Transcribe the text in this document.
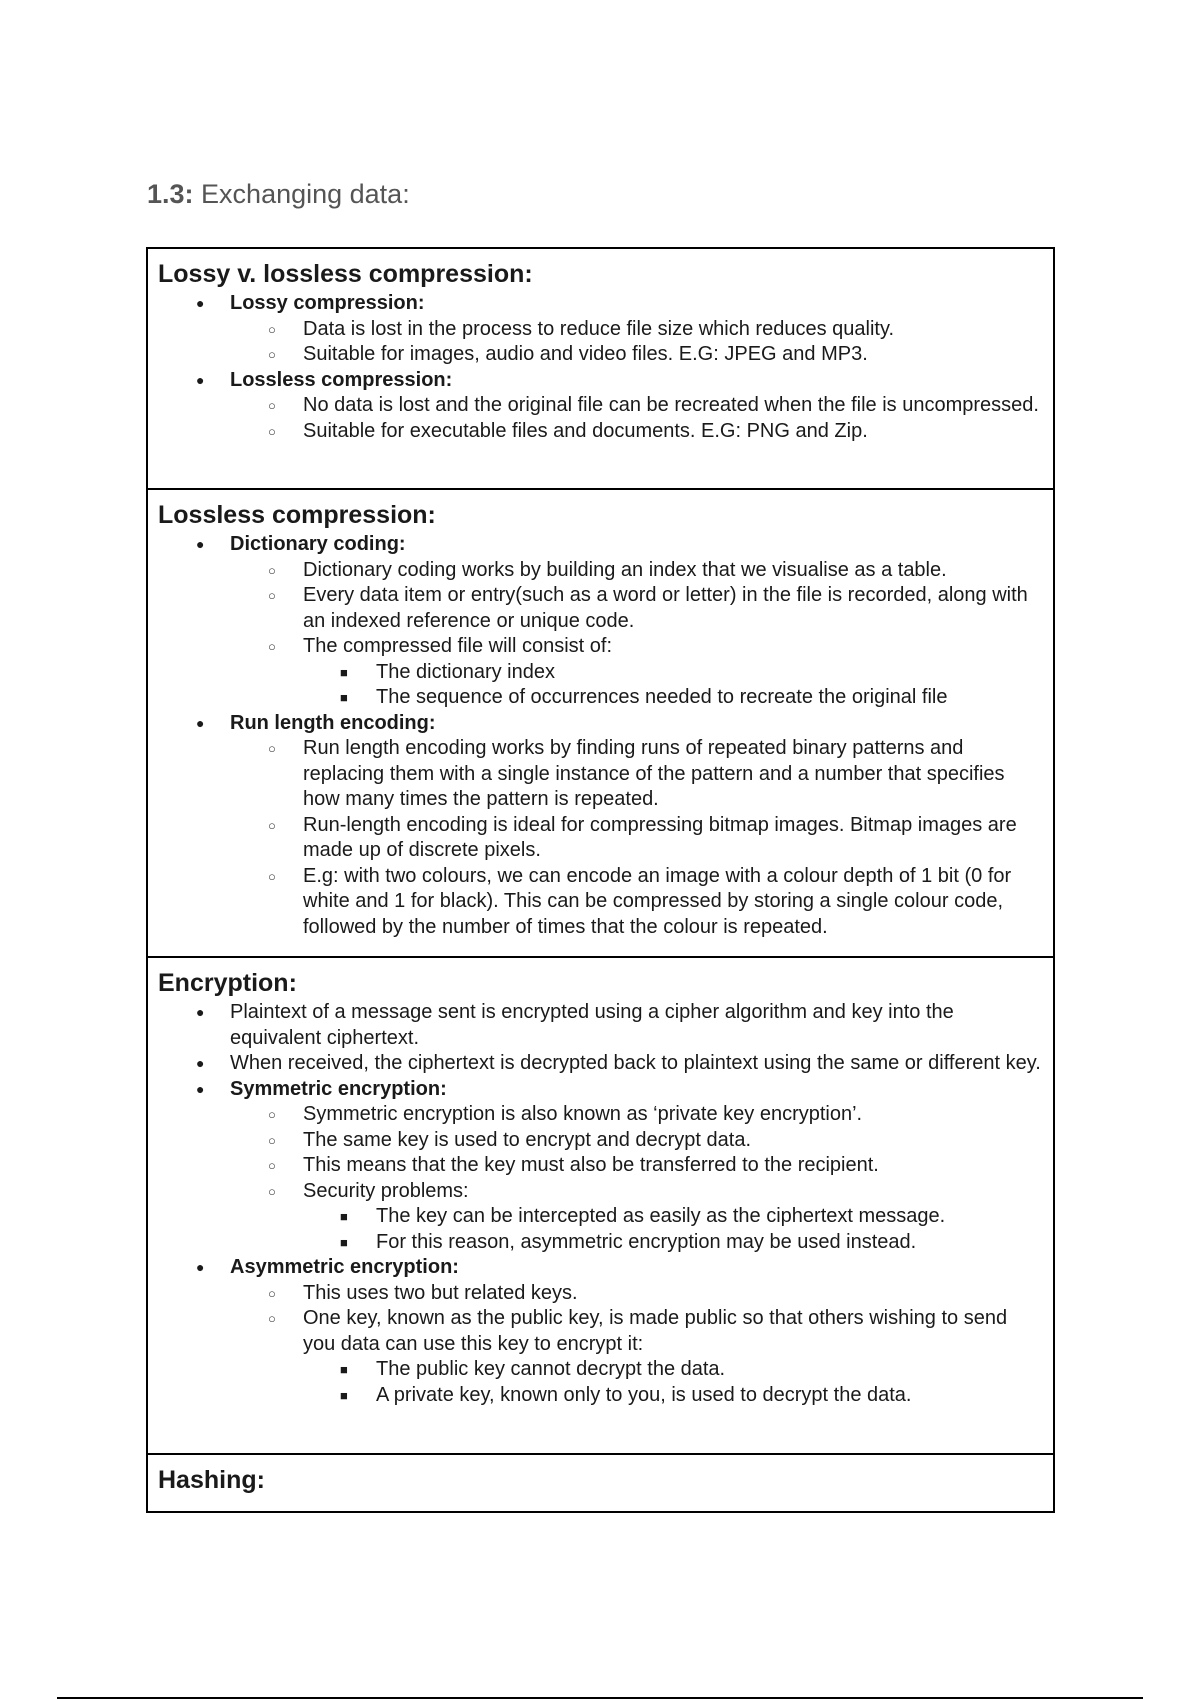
1.3: Exchanging data:
Lossy v. lossless compression:
● Lossy compression:
○ Data is lost in the process to reduce file size which reduces quality.
○ Suitable for images, audio and video files. E.G: JPEG and MP3.
● Lossless compression:
○ No data is lost and the original file can be recreated when the file is uncompressed.
○ Suitable for executable files and documents. E.G: PNG and Zip.
Lossless compression:
● Dictionary coding:
○ Dictionary coding works by building an index that we visualise as a table.
○ Every data item or entry(such as a word or letter) in the file is recorded, along with an indexed reference or unique code.
○ The compressed file will consist of:
■ The dictionary index
■ The sequence of occurrences needed to recreate the original file
● Run length encoding:
○ Run length encoding works by finding runs of repeated binary patterns and replacing them with a single instance of the pattern and a number that specifies how many times the pattern is repeated.
○ Run-length encoding is ideal for compressing bitmap images. Bitmap images are made up of discrete pixels.
○ E.g: with two colours, we can encode an image with a colour depth of 1 bit (0 for white and 1 for black). This can be compressed by storing a single colour code, followed by the number of times that the colour is repeated.
Encryption:
● Plaintext of a message sent is encrypted using a cipher algorithm and key into the equivalent ciphertext.
● When received, the ciphertext is decrypted back to plaintext using the same or different key.
● Symmetric encryption:
○ Symmetric encryption is also known as ‘private key encryption’.
○ The same key is used to encrypt and decrypt data.
○ This means that the key must also be transferred to the recipient.
○ Security problems:
■ The key can be intercepted as easily as the ciphertext message.
■ For this reason, asymmetric encryption may be used instead.
● Asymmetric encryption:
○ This uses two but related keys.
○ One key, known as the public key, is made public so that others wishing to send you data can use this key to encrypt it:
■ The public key cannot decrypt the data.
■ A private key, known only to you, is used to decrypt the data.
Hashing:
